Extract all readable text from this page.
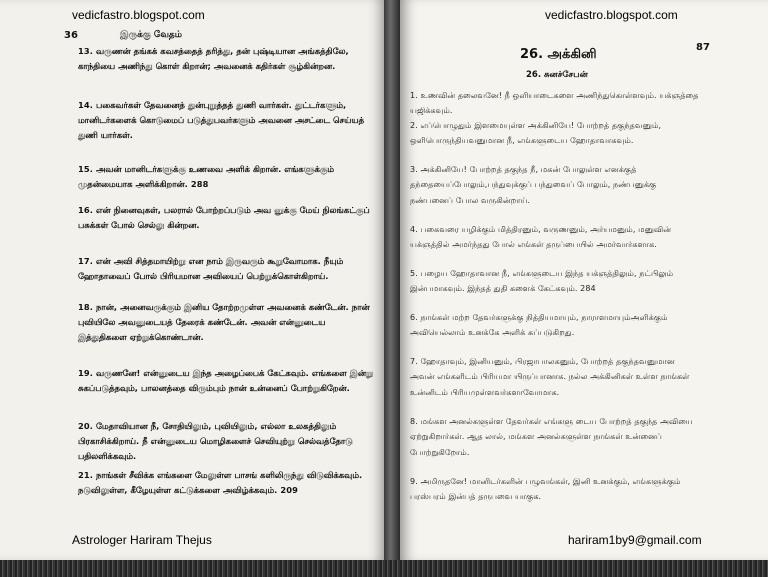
36	இருக்கு வேதம்
13. வருணன் தங்கக் கவசத்தைத் தரித்து, தன் புஷ்டியான அங்கத்திலே, காந்தியை அணிந்து கொள் கிறான்; அவனைக் கதிர்கள் சூழ்கின்றன.
14. பகைவர்கள் தேவனைத் துன்புறுத்தத் துணி வார்கள். துட்டர்களும், மானிடர்களைக் கொடுமைப் படுத்துபவர்களும் அவனை அசட்டை செய்யத் துணி யார்கள்.
15. அவன் மானிடர்களுக்கு உணவை அளிக் கிறான். எங்களுக்கும் முதன்மையாக அளிக்கிறான். 288
16. என் நினைவுகள், பலரால் போற்றப்படும் அவ னுக்கு மேய் நிலங்கட்குப் பசுக்கள் போல் செல்லு கின்றன.
17. என் அவி சித்தமாயிற்று என நாம் இருவரும் கூறுவோமாக. நீயும் ஹோதாவைப் போல் பிரியமான அவியைப் பெற்றுக்கொள்கிறாய்.
18. நான், அனைவருக்கும் இனிய தோற்றமுள்ள அவனைக் கண்டேன். நான் புவியிலே அவனுடையத் தேரைக் கண்டேன். அவன் என்னுடைய இத்துதிகளை ஏற்றுக்கொண்டான்.
19. வருணனே! என்னுடைய இந்த அழைப்பைக் கேட்கவும். எங்களை இன்று சுகப்படுத்தவும், பாலனத்தை விரும்பும் நான் உன்னைப் போற்றுகிறேன்.
20. மேதாவியான நீ, சோதியிலும், புவியிலும், எல்லா உலகத்திலும் பிரகாசிக்கிறாய். நீ என்னுடைய மொழிகளைச் செவியுற்று செல்வத்தோடு பதிலளிக்கவும்.
21. நாங்கள் சீவிக்க எங்களை மேலுள்ள பாசங் களிலிருந்து விடுவிக்கவும். நடுவிலுள்ள, கீழேயுள்ள கட்டுக்களை அவிழ்க்கவும். 209
87
26. அக்கினி
26. சுனச்சேபன்
1. உணவின் தலைவனே! நீ ஒளியாடைகளை அணிந்துகொள்ளவும். யக்ஞத்தை யஜிக்கவும்.
2. எப்பொழுதும் இளமையுள்ள அக்கினியே! போற்றத் தகுந்தவனும், ஒளிபொருந்தியவனுமான நீ, எங்களுடைய ஹோதாவாகவும்.
3. அக்கினியே! போற்றத் தகுந்த நீ, மகன் போலுள்ள எனக்குத் தந்தையைப்போலும்,பந்துவுக்குப் பந்துவைப் போலும், நண்பனுக்கு நண்பனைப் போல வருகின்றாய்.
4. பகைவரை யழிக்கும் மித்திரனும், வருணனும், அர்யமனும், மனுவின் யக்ஞத்தில் அமர்ந்தது போல் எங்கள் தருப்பையில் அமர்வார்களாக.
5. பழைய ஹோதாவான நீ, எங்களுடைய இந்த யக்ஞத்திலும், நட்பிலும் இன்பமாகவும். இந்தத் துதி களைக் கேட்கவும். 284
6. நாங்கள் மற்ற தேவர்களுக்கு நித்தியமாயும், நாராளமாயும்அளிக்கும் அவியெல்லாம் உனக்கே அளிக் கப்படுகிறது.
7. ஹோதாவும், இனியனும், பிரஜாபாலகனும், போற்றத் தகுந்தவனுமான அவன் எங்களிடம் பிரியமா யிருப்பானாக. நல்ல அக்கினிகள் உள்ள நாங்கள் உன்னிடம் பிரியமுள்ளவர்களாவோமாக.
8. மங்கள அனல்களுள்ள தேவர்கள் எங்களு டைய போற்றத் தகுந்த அவியை ஏற்றுகிறார்கள். ஆத லால், மங்கள அனல்களுள்ள நாங்கள் உன்னைப் போற்றுகிறோம்.
9. அமிருதனே! மானிடர்களின் பழுவங்கள், இனி உனக்கும், எங்களுக்கும் பரஸ்பரம் இன்பத் தருபவை யாகுக.
vedicfastro.blogspot.com	vedicfastro.blogspot.com
Astrologer Hariram Thejus	hariram1by9@gmail.com
